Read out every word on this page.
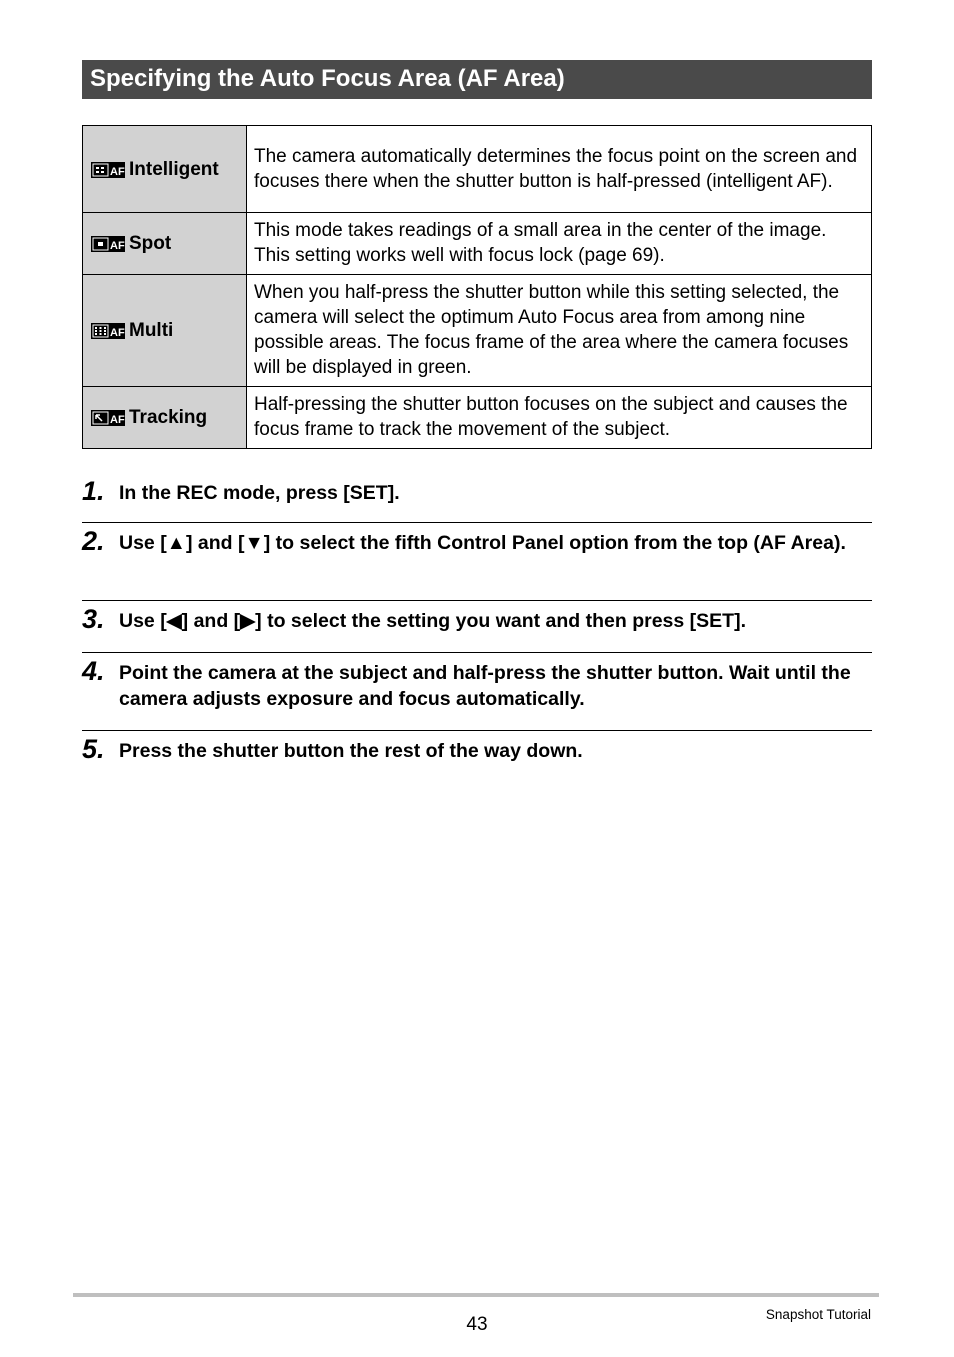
Specifying the Auto Focus Area (AF Area)
AF Intelligent	The camera automatically determines the focus point on the screen and focuses there when the shutter button is half-pressed (intelligent AF).

AF Spot	This mode takes readings of a small area in the center of the image. This setting works well with focus lock (page 69).

AF Multi	When you half-press the shutter button while this setting selected, the camera will select the optimum Auto Focus area from among nine possible areas. The focus frame of the area where the camera focuses will be displayed in green.

AF Tracking	Half-pressing the shutter button focuses on the subject and causes the focus frame to track the movement of the subject.
1. In the REC mode, press [SET].
2. Use [▲] and [▼] to select the fifth Control Panel option from the top (AF Area).
3. Use [◀] and [▶] to select the setting you want and then press [SET].
4. Point the camera at the subject and half-press the shutter button. Wait until the camera adjusts exposure and focus automatically.
5. Press the shutter button the rest of the way down.
43	Snapshot Tutorial
